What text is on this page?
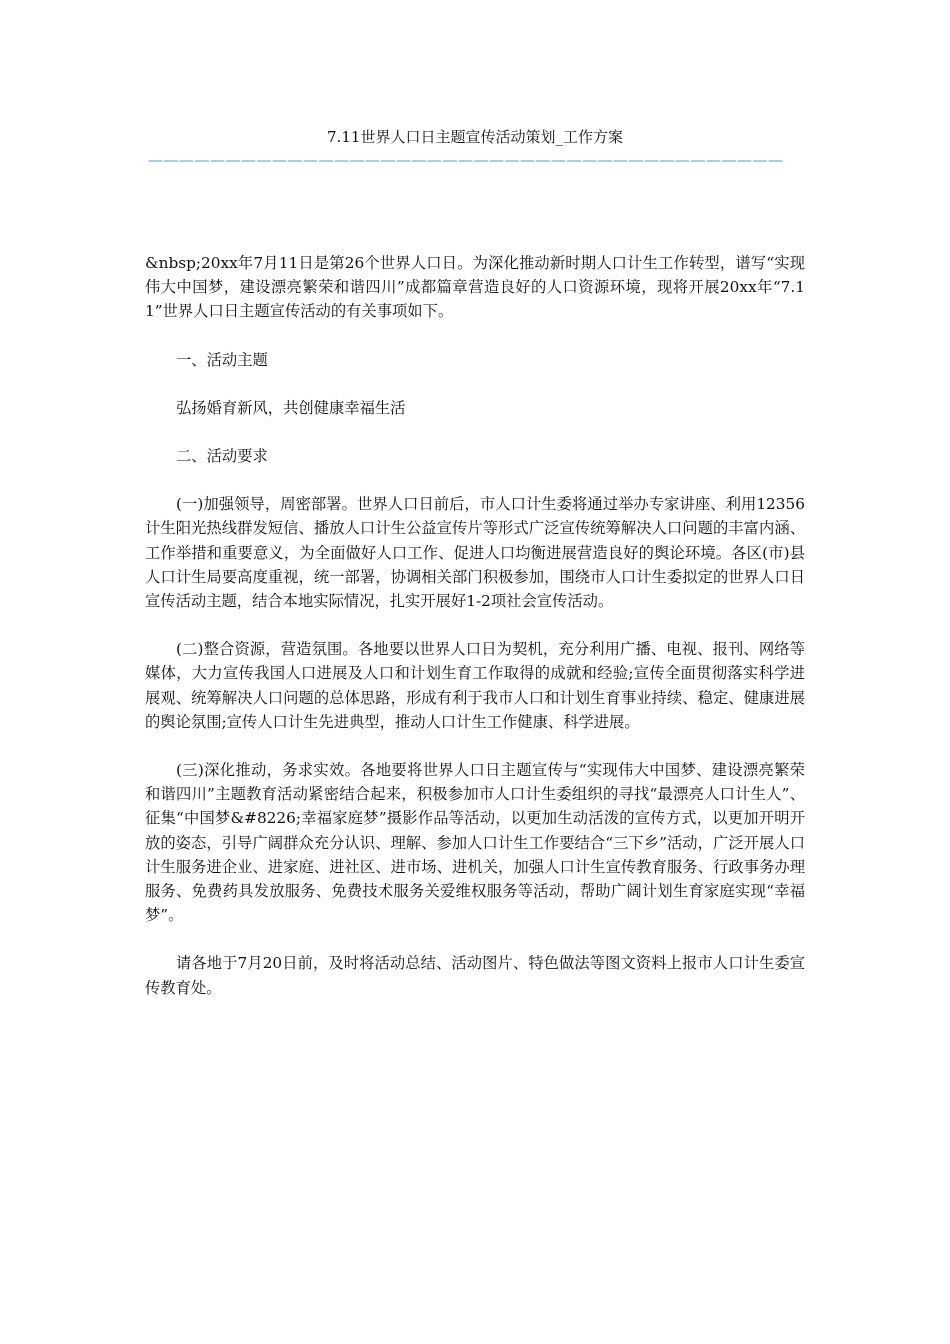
7.11世界人口日主题宣传活动策划_工作方案
—————————————————————————————————————————

&nbsp;20xx年7月11日是第26个世界人口日。为深化推动新时期人口计生工作转型，谱写“实现伟大中国梦，建设漂亮繁荣和谐四川”成都篇章营造良好的人口资源环境，现将开展20xx年“7.11”世界人口日主题宣传活动的有关事项如下。

一、活动主题

弘扬婚育新风，共创健康幸福生活

二、活动要求

(一)加强领导，周密部署。世界人口日前后，市人口计生委将通过举办专家讲座、利用12356计生阳光热线群发短信、播放人口计生公益宣传片等形式广泛宣传统筹解决人口问题的丰富内涵、工作举措和重要意义，为全面做好人口工作、促进人口均衡进展营造良好的舆论环境。各区(市)县人口计生局要高度重视，统一部署，协调相关部门积极参加，围绕市人口计生委拟定的世界人口日宣传活动主题，结合本地实际情况，扎实开展好1-2项社会宣传活动。

(二)整合资源，营造氛围。各地要以世界人口日为契机，充分利用广播、电视、报刊、网络等媒体，大力宣传我国人口进展及人口和计划生育工作取得的成就和经验;宣传全面贯彻落实科学进展观、统筹解决人口问题的总体思路，形成有利于我市人口和计划生育事业持续、稳定、健康进展的舆论氛围;宣传人口计生先进典型，推动人口计生工作健康、科学进展。

(三)深化推动，务求实效。各地要将世界人口日主题宣传与“实现伟大中国梦、建设漂亮繁荣和谐四川”主题教育活动紧密结合起来，积极参加市人口计生委组织的寻找“最漂亮人口计生人”、征集“中国梦&#8226;幸福家庭梦”摄影作品等活动，以更加生动活泼的宣传方式，以更加开明开放的姿态，引导广阔群众充分认识、理解、参加人口计生工作要结合“三下乡”活动，广泛开展人口计生服务进企业、进家庭、进社区、进市场、进机关，加强人口计生宣传教育服务、行政事务办理服务、免费药具发放服务、免费技术服务关爱维权服务等活动，帮助广阔计划生育家庭实现“幸福梦”。

请各地于7月20日前，及时将活动总结、活动图片、特色做法等图文资料上报市人口计生委宣传教育处。
